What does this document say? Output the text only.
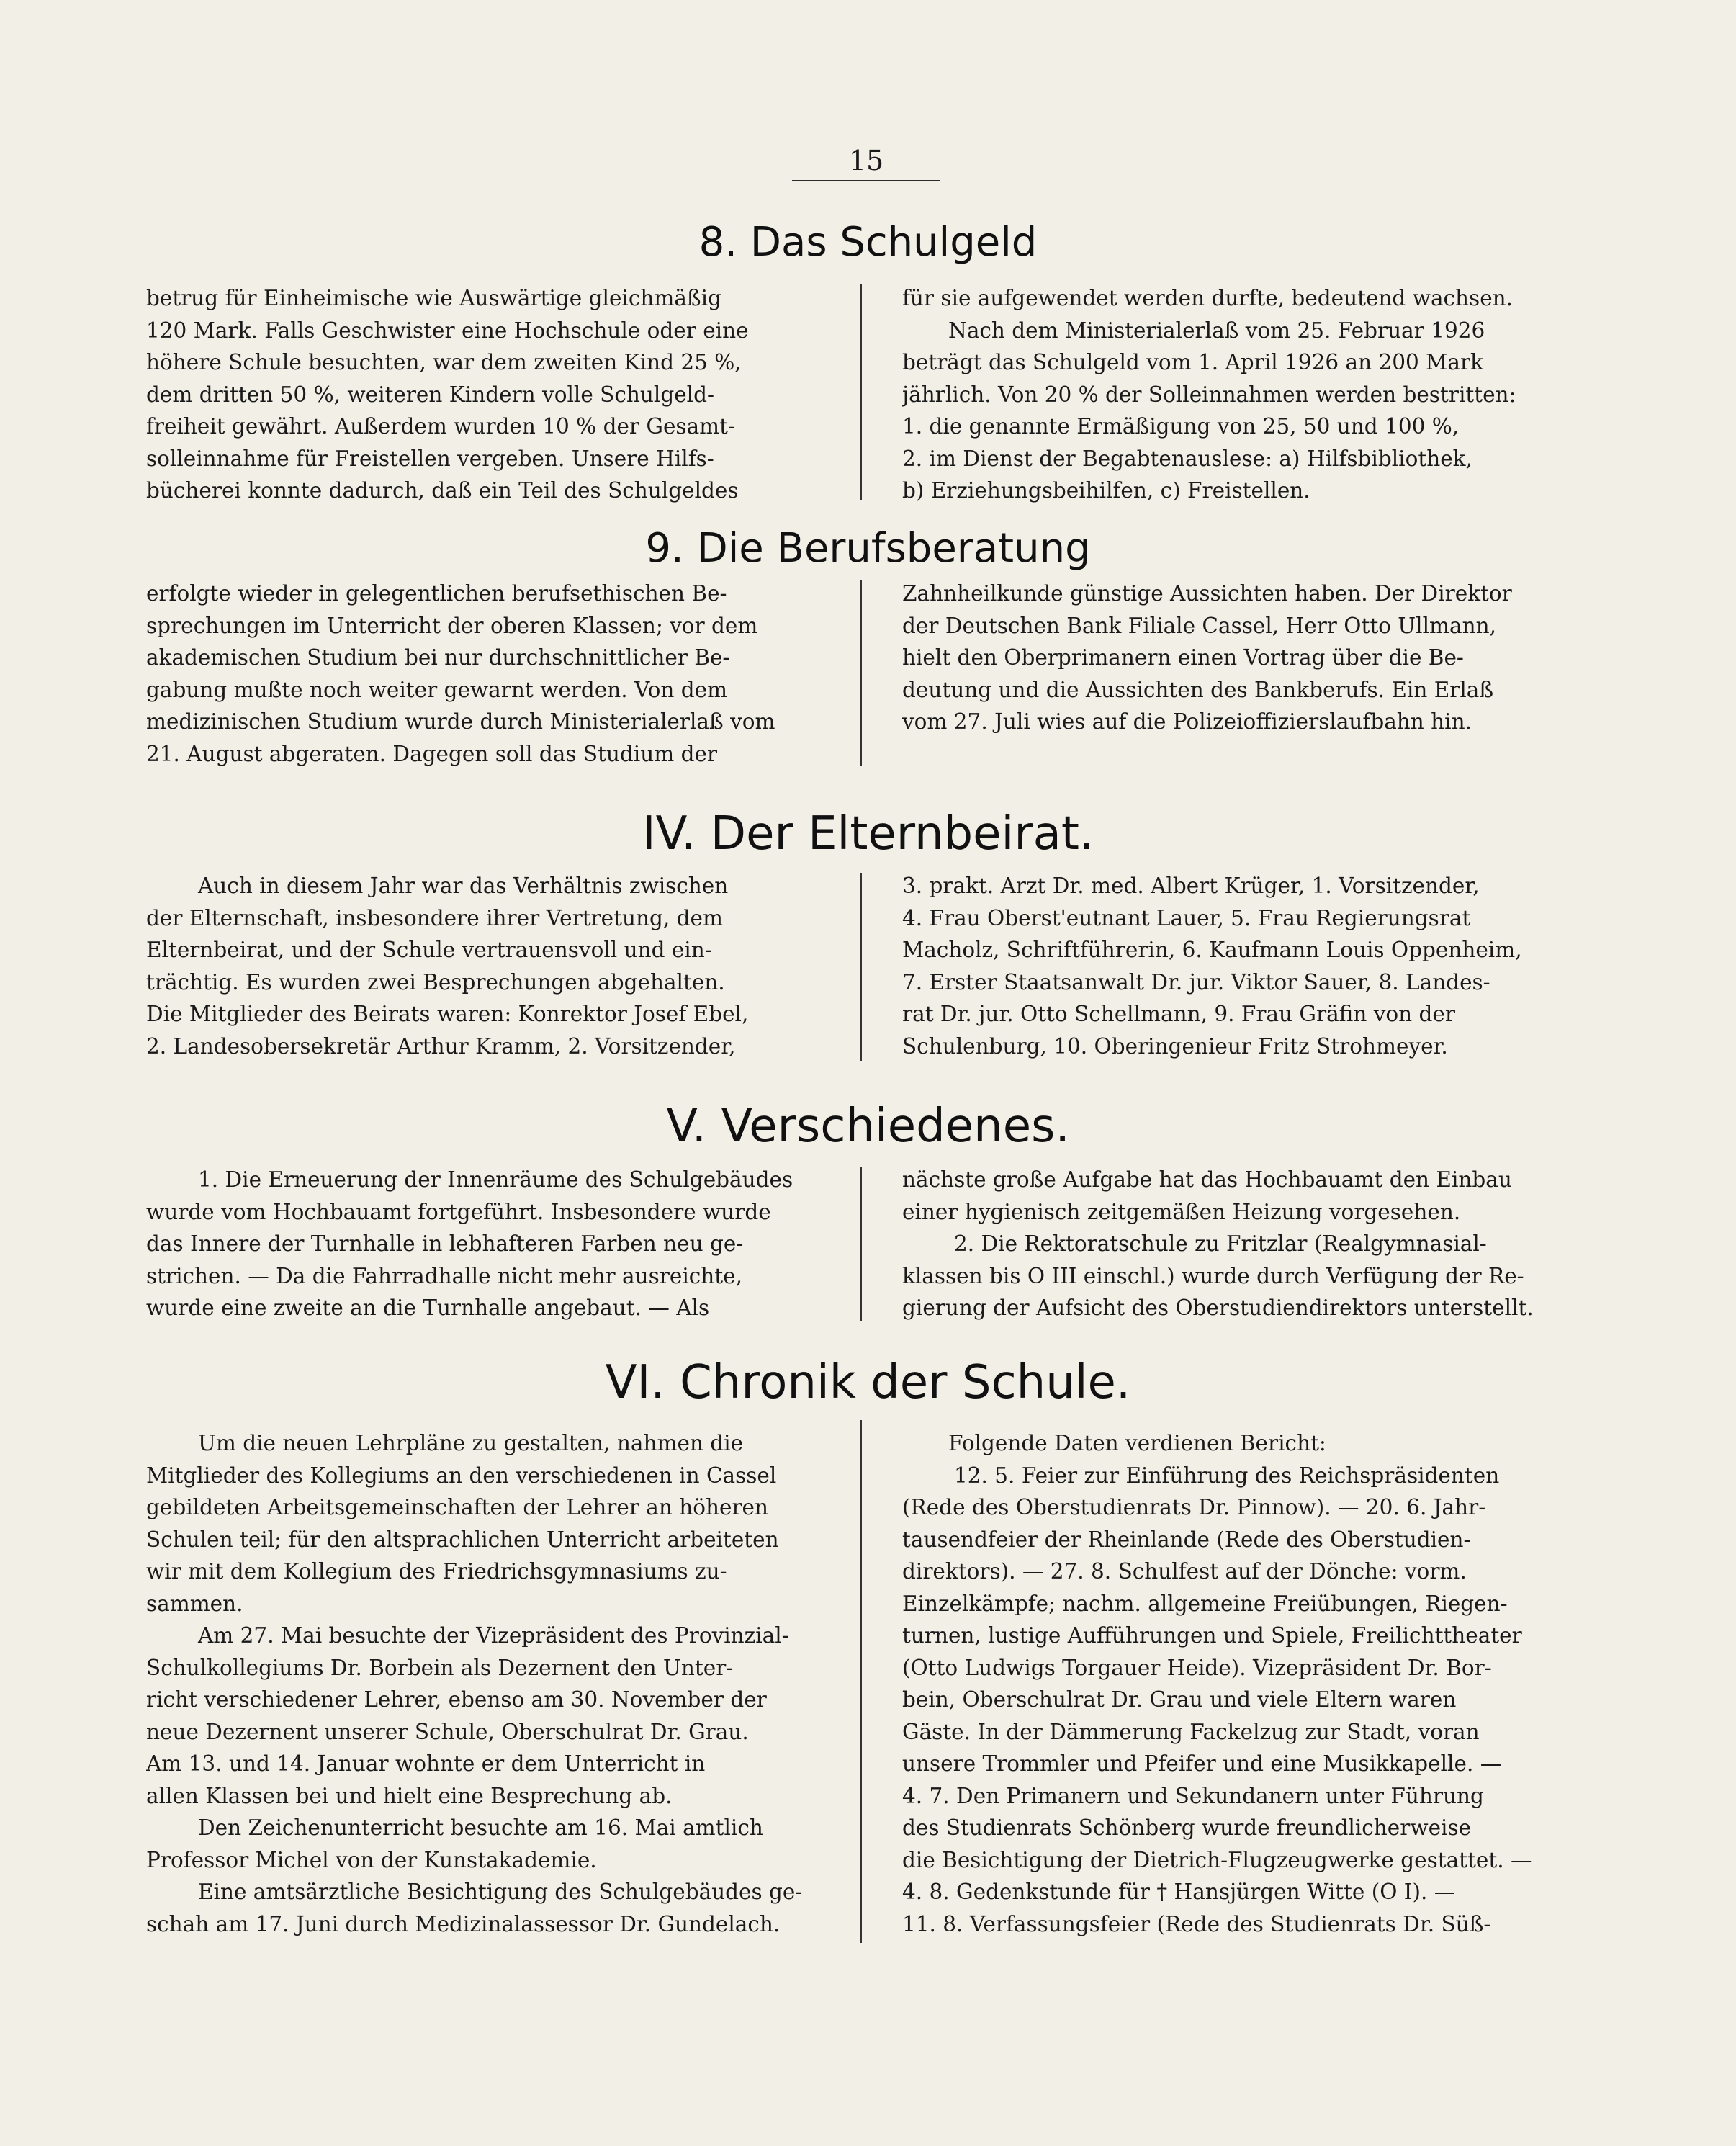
15
8. Das Schulgeld
betrug für Einheimische wie Auswärtige gleichmäßig
120 Mark. Falls Geschwister eine Hochschule oder eine
höhere Schule besuchten, war dem zweiten Kind 25 %,
dem dritten 50 %, weiteren Kindern volle Schulgeld-
freiheit gewährt. Außerdem wurden 10 % der Gesamt-
solleinnahme für Freistellen vergeben. Unsere Hilfs-
bücherei konnte dadurch, daß ein Teil des Schulgeldes
für sie aufgewendet werden durfte, bedeutend wachsen.
Nach dem Ministerialerlaß vom 25. Februar 1926
beträgt das Schulgeld vom 1. April 1926 an 200 Mark
jährlich. Von 20 % der Solleinnahmen werden bestritten:
1. die genannte Ermäßigung von 25, 50 und 100 %,
2. im Dienst der Begabtenauslese: a) Hilfsbibliothek,
b) Erziehungsbeihilfen, c) Freistellen.
9. Die Berufsberatung
erfolgte wieder in gelegentlichen berufsethischen Be-
sprechungen im Unterricht der oberen Klassen; vor dem
akademischen Studium bei nur durchschnittlicher Be-
gabung mußte noch weiter gewarnt werden. Von dem
medizinischen Studium wurde durch Ministerialerlaß vom
21. August abgeraten. Dagegen soll das Studium der
Zahnheilkunde günstige Aussichten haben. Der Direktor
der Deutschen Bank Filiale Cassel, Herr Otto Ullmann,
hielt den Oberprimanern einen Vortrag über die Be-
deutung und die Aussichten des Bankberufs. Ein Erlaß
vom 27. Juli wies auf die Polizeioffizierslaufbahn hin.
IV. Der Elternbeirat.
Auch in diesem Jahr war das Verhältnis zwischen
der Elternschaft, insbesondere ihrer Vertretung, dem
Elternbeirat, und der Schule vertrauensvoll und ein-
trächtig. Es wurden zwei Besprechungen abgehalten.
Die Mitglieder des Beirats waren: Konrektor Josef Ebel,
2. Landesobersekretär Arthur Kramm, 2. Vorsitzender,
3. prakt. Arzt Dr. med. Albert Krüger, 1. Vorsitzender,
4. Frau Oberst'eutnant Lauer, 5. Frau Regierungsrat
Macholz, Schriftführerin, 6. Kaufmann Louis Oppenheim,
7. Erster Staatsanwalt Dr. jur. Viktor Sauer, 8. Landes-
rat Dr. jur. Otto Schellmann, 9. Frau Gräfin von der
Schulenburg, 10. Oberingenieur Fritz Strohmeyer.
V. Verschiedenes.
1. Die Erneuerung der Innenräume des Schulgebäudes
wurde vom Hochbauamt fortgeführt. Insbesondere wurde
das Innere der Turnhalle in lebhafteren Farben neu ge-
strichen. — Da die Fahrradhalle nicht mehr ausreichte,
wurde eine zweite an die Turnhalle angebaut. — Als
nächste große Aufgabe hat das Hochbauamt den Einbau
einer hygienisch zeitgemäßen Heizung vorgesehen.
2. Die Rektoratschule zu Fritzlar (Realgymnasial-
klassen bis O III einschl.) wurde durch Verfügung der Re-
gierung der Aufsicht des Oberstudiendirektors unterstellt.
VI. Chronik der Schule.
Um die neuen Lehrpläne zu gestalten, nahmen die
Mitglieder des Kollegiums an den verschiedenen in Cassel
gebildeten Arbeitsgemeinschaften der Lehrer an höheren
Schulen teil; für den altsprachlichen Unterricht arbeiteten
wir mit dem Kollegium des Friedrichsgymnasiums zu-
sammen.
Am 27. Mai besuchte der Vizepräsident des Provinzial-
Schulkollegiums Dr. Borbein als Dezernent den Unter-
richt verschiedener Lehrer, ebenso am 30. November der
neue Dezernent unserer Schule, Oberschulrat Dr. Grau.
Am 13. und 14. Januar wohnte er dem Unterricht in
allen Klassen bei und hielt eine Besprechung ab.
Den Zeichenunterricht besuchte am 16. Mai amtlich
Professor Michel von der Kunstakademie.
Eine amtsärztliche Besichtigung des Schulgebäudes ge-
schah am 17. Juni durch Medizinalassessor Dr. Gundelach.
Folgende Daten verdienen Bericht:
12. 5. Feier zur Einführung des Reichspräsidenten
(Rede des Oberstudienrats Dr. Pinnow). — 20. 6. Jahr-
tausendfeier der Rheinlande (Rede des Oberstudien-
direktors). — 27. 8. Schulfest auf der Dönche: vorm.
Einzelkämpfe; nachm. allgemeine Freiübungen, Riegen-
turnen, lustige Aufführungen und Spiele, Freilichttheater
(Otto Ludwigs Torgauer Heide). Vizepräsident Dr. Bor-
bein, Oberschulrat Dr. Grau und viele Eltern waren
Gäste. In der Dämmerung Fackelzug zur Stadt, voran
unsere Trommler und Pfeifer und eine Musikkapelle. —
4. 7. Den Primanern und Sekundanern unter Führung
des Studienrats Schönberg wurde freundlicherweise
die Besichtigung der Dietrich-Flugzeugwerke gestattet. —
4. 8. Gedenkstunde für † Hansjürgen Witte (O I). —
11. 8. Verfassungsfeier (Rede des Studienrats Dr. Süß-
